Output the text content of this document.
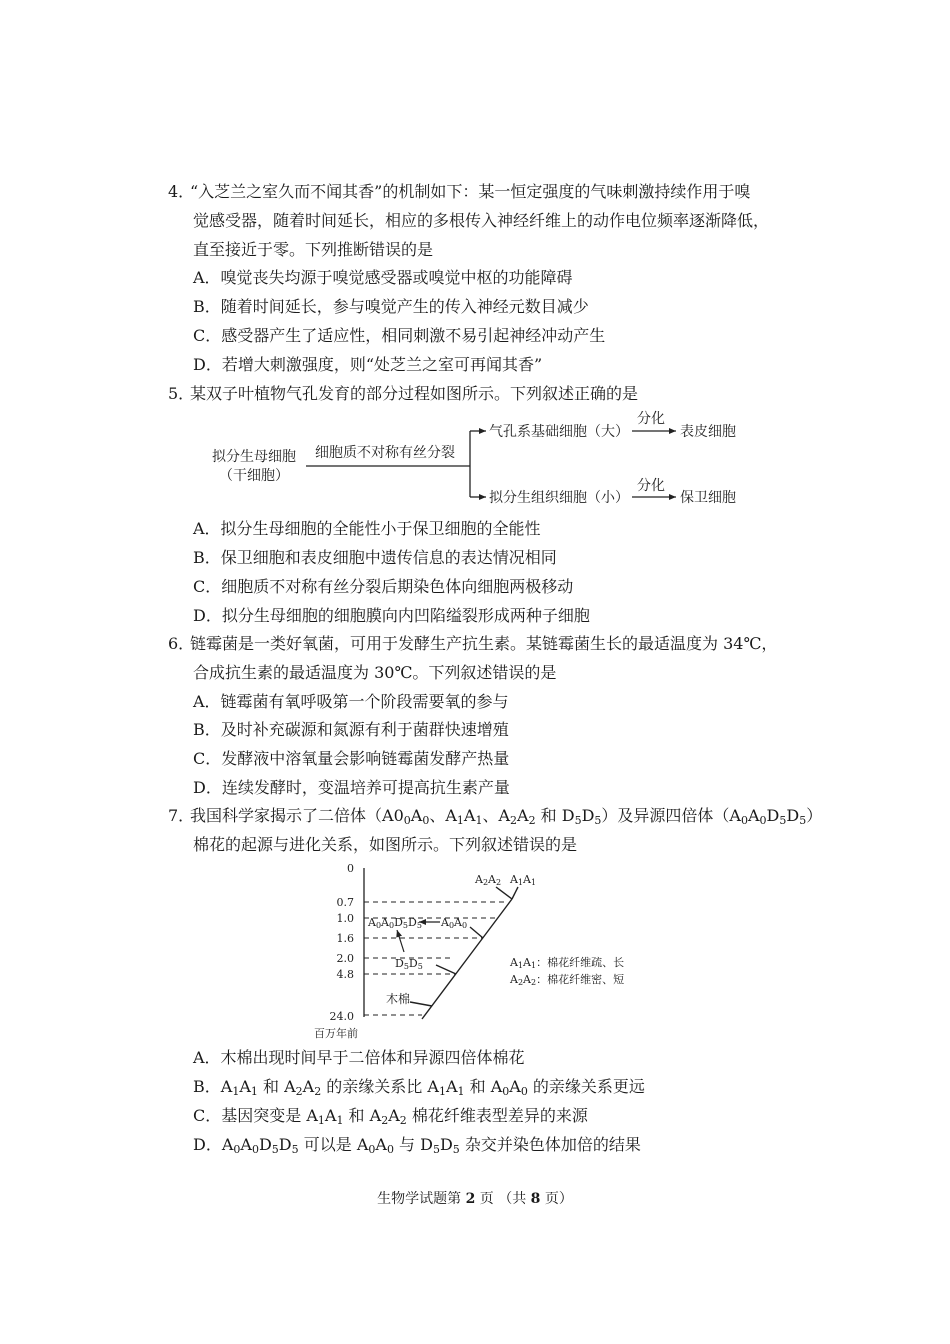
4．
“入芝兰之室久而不闻其香”的机制如下：某一恒定强度的气味刺激持续作用于嗅
觉感受器，随着时间延长，相应的多根传入神经纤维上的动作电位频率逐渐降低，
直至接近于零。下列推断错误的是
A．嗅觉丧失均源于嗅觉感受器或嗅觉中枢的功能障碍
B．随着时间延长，参与嗅觉产生的传入神经元数目减少
C．感受器产生了适应性，相同刺激不易引起神经冲动产生
D．若增大刺激强度，则“处芝兰之室可再闻其香”
5．
某双子叶植物气孔发育的部分过程如图所示。下列叙述正确的是
拟分生母细胞
（干细胞）
细胞质不对称有丝分裂
气孔系基础细胞（大）
分化
表皮细胞
拟分生组织细胞（小）
分化
保卫细胞
A．拟分生母细胞的全能性小于保卫细胞的全能性
B．保卫细胞和表皮细胞中遗传信息的表达情况相同
C．细胞质不对称有丝分裂后期染色体向细胞两极移动
D．拟分生母细胞的细胞膜向内凹陷缢裂形成两种子细胞
6．
链霉菌是一类好氧菌，可用于发酵生产抗生素。某链霉菌生长的最适温度为 34℃，
合成抗生素的最适温度为 30℃。下列叙述错误的是
A．链霉菌有氧呼吸第一个阶段需要氧的参与
B．及时补充碳源和氮源有利于菌群快速增殖
C．发酵液中溶氧量会影响链霉菌发酵产热量
D．连续发酵时，变温培养可提高抗生素产量
7．
我国科学家揭示了二倍体（$A0_0A_0$、$A_1A_1$、$A_2A_2$ 和 $D_5D_5$）及异源四倍体$(A_0A_0D_5D_5)$
棉花的起源与进化关系，如图所示。下列叙述错误的是
0
0.7
1.0
1.6
2.0
4.8
24.0
百万年前
A2A2 A1A1
A0A0
A0A0D5D5
D5D5
木棉
A1A1：棉花纤维疏、长
A2A2：棉花纤维密、短
A．木棉出现时间早于二倍体和异源四倍体棉花
B．$A_1A_1$ 和 $A_2A_2$ 的亲缘关系比 $A_1A_1$ 和 $A_0A_0$ 的亲缘关系更远
C．基因突变是 $A_1A_1$ 和 $A_2A_2$ 棉花纤维表型差异的来源
D．$A_0A_0D_5D_5$ 可以是 $A_0A_0$ 与 $D_5D_5$ 杂交并染色体加倍的结果
生物学试题第 2 页 （共 8 页）
